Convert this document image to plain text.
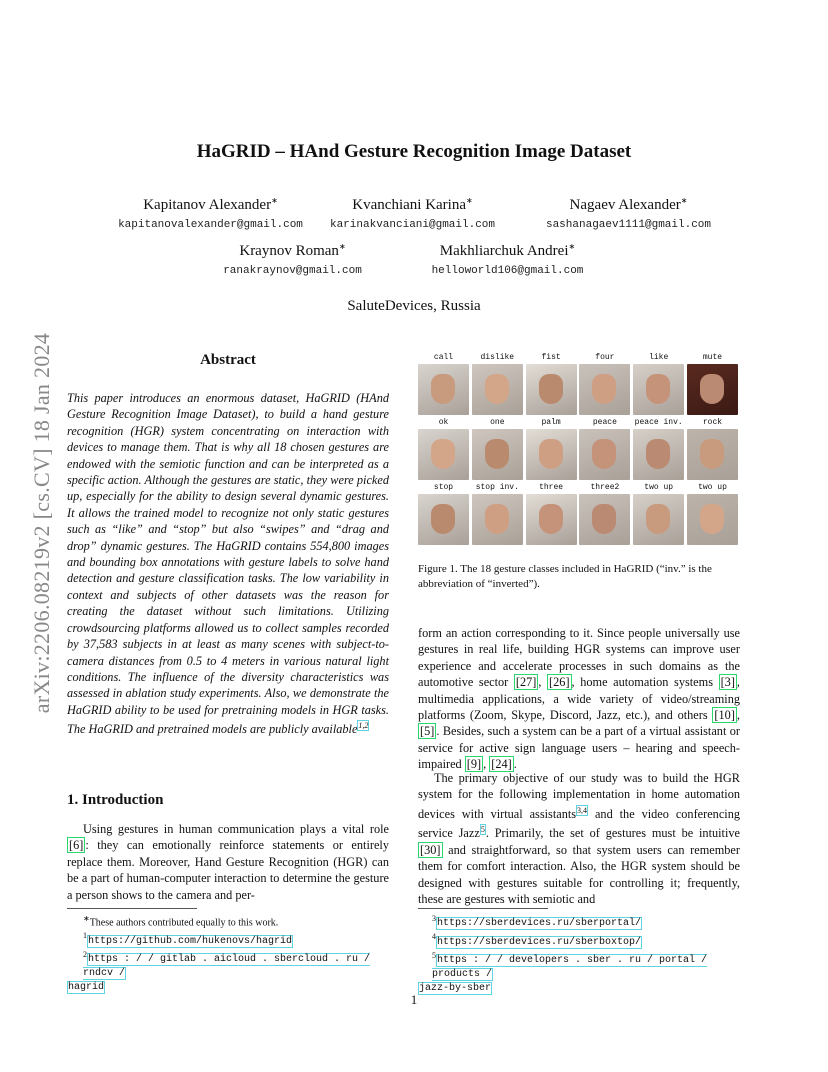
arXiv:2206.08219v2 [cs.CV] 18 Jan 2024
HaGRID – HAnd Gesture Recognition Image Dataset
Kapitanov Alexander∗
kapitanovalexander@gmail.com
Kvanchiani Karina∗
karinakvanciani@gmail.com
Nagaev Alexander∗
sashanagaev1111@gmail.com
Kraynov Roman∗
ranakraynov@gmail.com
Makhliarchuk Andrei∗
helloworld106@gmail.com
SaluteDevices, Russia
Abstract
This paper introduces an enormous dataset, HaGRID (HAnd Gesture Recognition Image Dataset), to build a hand gesture recognition (HGR) system concentrating on interaction with devices to manage them. That is why all 18 chosen gestures are endowed with the semiotic function and can be interpreted as a specific action. Although the gestures are static, they were picked up, especially for the ability to design several dynamic gestures. It allows the trained model to recognize not only static gestures such as “like” and “stop” but also “swipes” and “drag and drop” dynamic gestures. The HaGRID contains 554,800 images and bounding box annotations with gesture labels to solve hand detection and gesture classification tasks. The low variability in context and subjects of other datasets was the reason for creating the dataset without such limitations. Utilizing crowdsourcing platforms allowed us to collect samples recorded by 37,583 subjects in at least as many scenes with subject-to-camera distances from 0.5 to 4 meters in various natural light conditions. The influence of the diversity characteristics was assessed in ablation study experiments. Also, we demonstrate the HaGRID ability to be used for pretraining models in HGR tasks. The HaGRID and pretrained models are publicly available$^{1,2}$
1. Introduction
Using gestures in human communication plays a vital role [6] : they can emotionally reinforce statements or entirely replace them. Moreover, Hand Gesture Recognition (HGR) can be a part of human-computer interaction to determine the gesture a person shows to the camera and per-
∗These authors contributed equally to this work.
$^1$https://github.com/hukenovs/hagrid
$^2$https : / / gitlab . aicloud . sbercloud . ru / rndcv /
hagrid
call	dislike	fist	four	like	mute
ok	one	palm	peace	peace inv.	rock
stop	stop inv.	three	three2	two up	two up
Figure 1. The 18 gesture classes included in HaGRID (“inv.” is the abbreviation of “inverted”).
form an action corresponding to it. Since people universally use gestures in real life, building HGR systems can improve user experience and accelerate processes in such domains as the automotive sector [27] , [26] , home automation systems [3] , multimedia applications, a wide variety of video/streaming platforms (Zoom, Skype, Discord, Jazz, etc.), and others [10] , [5] . Besides, such a system can be a part of a virtual assistant or service for active sign language users – hearing and speech-impaired [9] , [24] .
The primary objective of our study was to build the HGR system for the following implementation in home automation devices with virtual assistants$^{3,4}$ and the video conferencing service Jazz$^5$. Primarily, the set of gestures must be intuitive [30] and straightforward, so that system users can remember them for comfort interaction. Also, the HGR system should be designed with gestures suitable for controlling it; frequently, these are gestures with semiotic and
$^3$https://sberdevices.ru/sberportal/
$^4$https://sberdevices.ru/sberboxtop/
$^5$https : / / developers . sber . ru / portal / products /
jazz-by-sber
1
